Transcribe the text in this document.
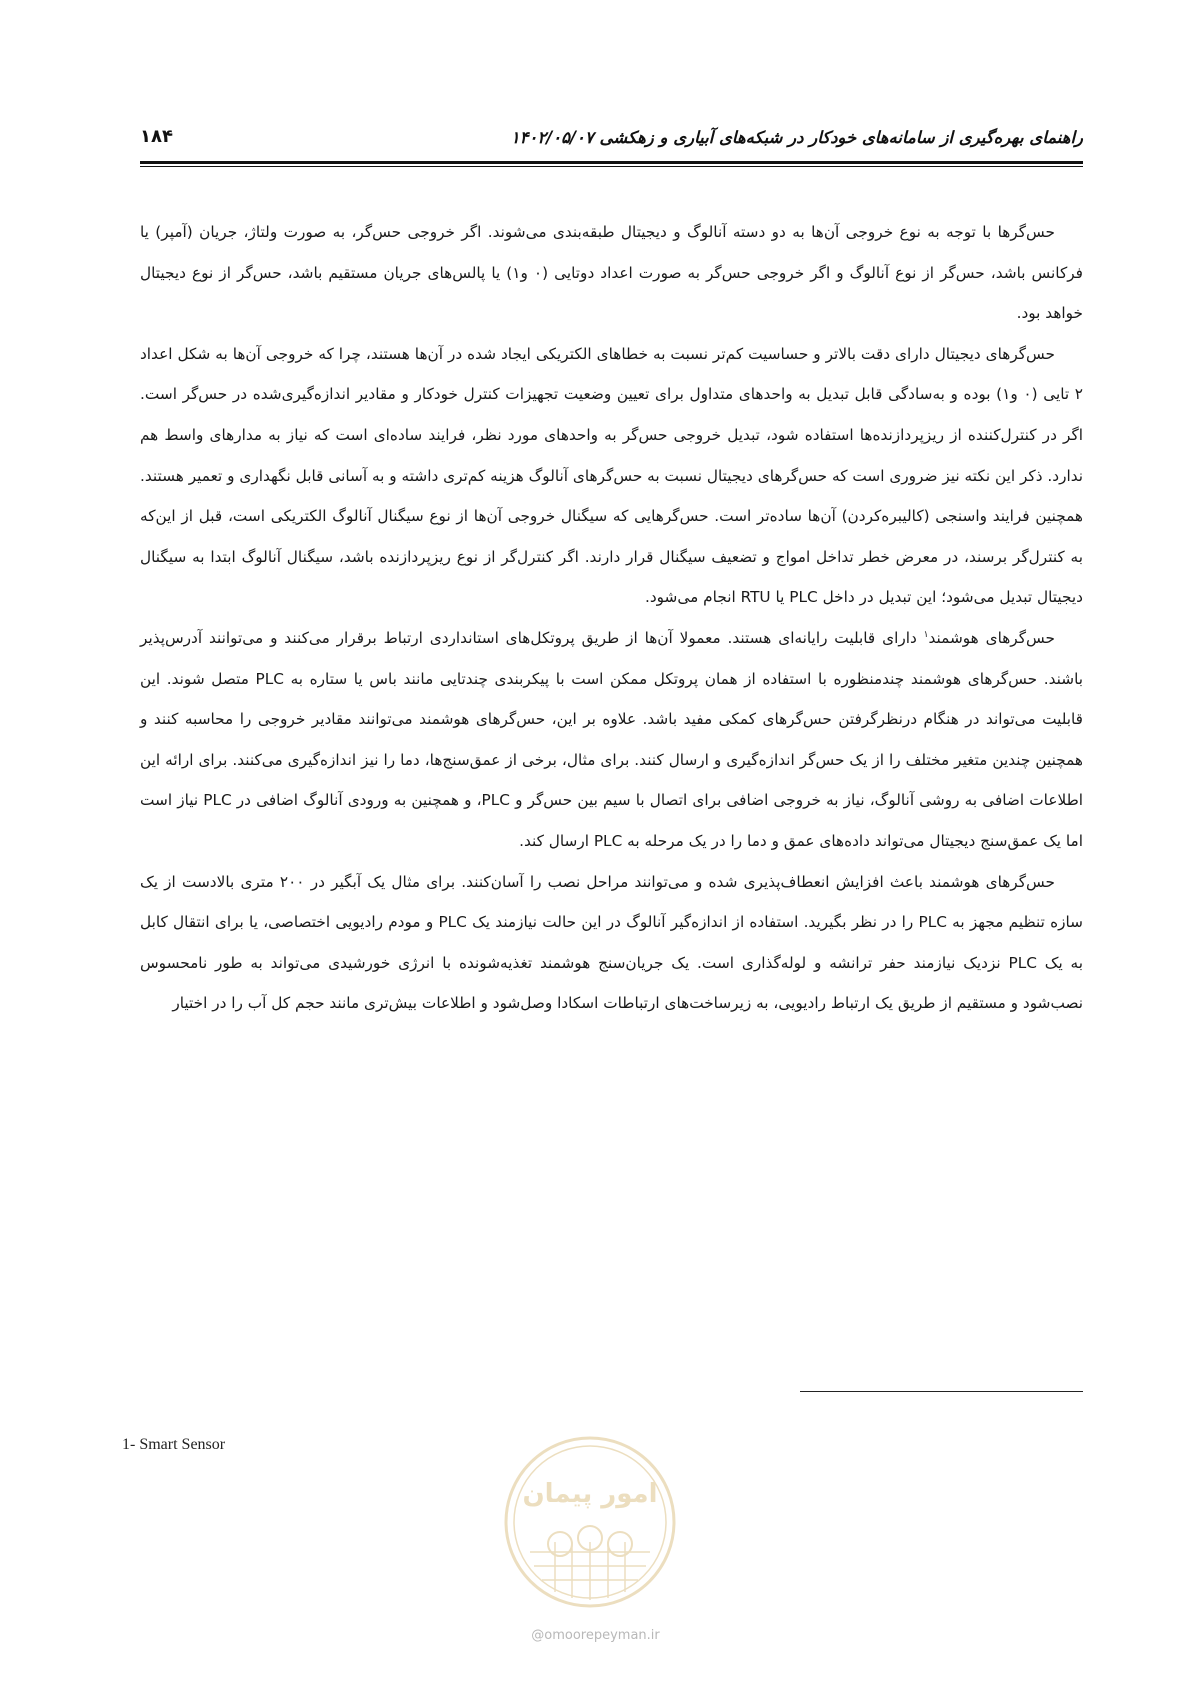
راهنمای بهره‌گیری از سامانه‌های خودکار در شبکه‌های آبیاری و زهکشی ۱۴۰۲/۰۵/۰۷
۱۸۴

حس‌گرها با توجه به نوع خروجی آن‌ها به دو دسته آنالوگ و دیجیتال طبقه‌بندی می‌شوند. اگر خروجی حس‌گر، به صورت ولتاژ، جریان (آمپر) یا فرکانس باشد، حس‌گر از نوع آنالوگ و اگر خروجی حس‌گر به صورت اعداد دوتایی (۰ و۱) یا پالس‌های جریان مستقیم باشد، حس‌گر از نوع دیجیتال خواهد بود.

حس‌گرهای دیجیتال دارای دقت بالاتر و حساسیت کم‌تر نسبت به خطاهای الکتریکی ایجاد شده در آن‌ها هستند، چرا که خروجی آن‌ها به شکل اعداد ۲ تایی (۰ و۱) بوده و به‌سادگی قابل تبدیل به واحدهای متداول برای تعیین وضعیت تجهیزات کنترل خودکار و مقادیر اندازه‌گیری‌شده در حس‌گر است. اگر در کنترل‌کننده از ریزپردازنده‌ها استفاده شود، تبدیل خروجی حس‌گر به واحدهای مورد نظر، فرایند ساده‌ای است که نیاز به مدارهای واسط هم ندارد. ذکر این نکته نیز ضروری است که حس‌گرهای دیجیتال نسبت به حس‌گرهای آنالوگ هزینه کم‌تری داشته و به آسانی قابل نگهداری و تعمیر هستند. همچنین فرایند واسنجی (کالیبره‌کردن) آن‌ها ساده‌تر است. حس‌گرهایی که سیگنال خروجی آن‌ها از نوع سیگنال آنالوگ الکتریکی است، قبل از این‌که به کنترل‌گر برسند، در معرض خطر تداخل امواج و تضعیف سیگنال قرار دارند. اگر کنترل‌گر از نوع ریزپردازنده باشد، سیگنال آنالوگ ابتدا به سیگنال دیجیتال تبدیل می‌شود؛ این تبدیل در داخل PLC یا RTU انجام می‌شود.

حس‌گرهای هوشمند$^۱$ دارای قابلیت رایانه‌ای هستند. معمولا آن‌ها از طریق پروتکل‌های استانداردی ارتباط برقرار می‌کنند و می‌توانند آدرس‌پذیر باشند. حس‌گرهای هوشمند چندمنظوره با استفاده از همان پروتکل ممکن است با پیکربندی چندتایی مانند باس یا ستاره به PLC متصل شوند. این قابلیت می‌تواند در هنگام درنظرگرفتن حس‌گرهای کمکی مفید باشد. علاوه بر این، حس‌گرهای هوشمند می‌توانند مقادیر خروجی را محاسبه کنند و همچنین چندین متغیر مختلف را از یک حس‌گر اندازه‌گیری و ارسال کنند. برای مثال، برخی از عمق‌سنج‌ها، دما را نیز اندازه‌گیری می‌کنند. برای ارائه این اطلاعات اضافی به روشی آنالوگ، نیاز به خروجی اضافی برای اتصال با سیم بین حس‌گر و PLC، و همچنین به ورودی آنالوگ اضافی در PLC نیاز است اما یک عمق‌سنج دیجیتال می‌تواند داده‌های عمق و دما را در یک مرحله به PLC ارسال کند.

حس‌گرهای هوشمند باعث افزایش انعطاف‌پذیری شده و می‌توانند مراحل نصب را آسان‌کنند. برای مثال یک آبگیر در ۲۰۰ متری بالادست از یک سازه تنظیم مجهز به PLC را در نظر بگیرید. استفاده از اندازه‌گیر آنالوگ در این حالت نیازمند یک PLC و مودم رادیویی اختصاصی، یا برای انتقال کابل به یک PLC نزدیک نیازمند حفر ترانشه و لوله‌گذاری است. یک جریان‌سنج هوشمند تغذیه‌شونده با انرژی خورشیدی می‌تواند به طور نامحسوس نصب‌شود و مستقیم از طریق یک ارتباط رادیویی، به زیرساخت‌های ارتباطات اسکادا وصل‌شود و اطلاعات بیش‌تری مانند حجم کل آب را در اختیار

1- Smart Sensor
امور پیمان
@omoorepeyman.ir
